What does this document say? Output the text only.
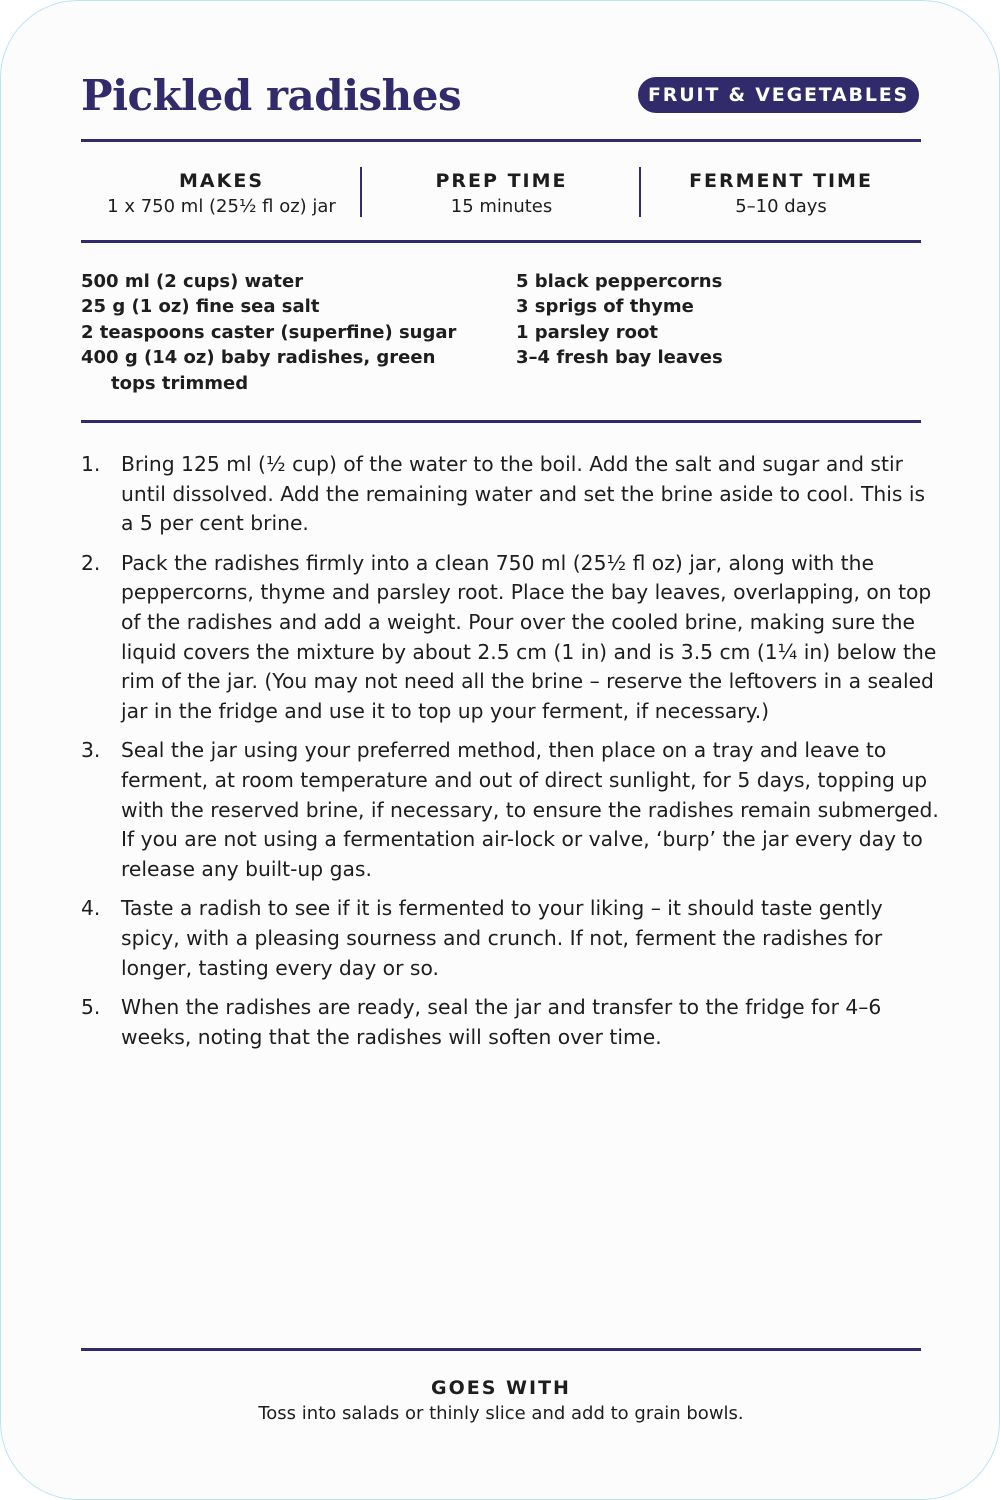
Pickled radishes	FRUIT & VEGETABLES
MAKES
1 x 750 ml (25½ fl oz) jar
PREP TIME
15 minutes
FERMENT TIME
5–10 days
500 ml (2 cups) water
25 g (1 oz) fine sea salt
2 teaspoons caster (superfine) sugar
400 g (14 oz) baby radishes, green tops trimmed
5 black peppercorns
3 sprigs of thyme
1 parsley root
3–4 fresh bay leaves
1. Bring 125 ml (½ cup) of the water to the boil. Add the salt and sugar and stir until dissolved. Add the remaining water and set the brine aside to cool. This is a 5 per cent brine.
2. Pack the radishes firmly into a clean 750 ml (25½ fl oz) jar, along with the peppercorns, thyme and parsley root. Place the bay leaves, overlapping, on top of the radishes and add a weight. Pour over the cooled brine, making sure the liquid covers the mixture by about 2.5 cm (1 in) and is 3.5 cm (1¼ in) below the rim of the jar. (You may not need all the brine – reserve the leftovers in a sealed jar in the fridge and use it to top up your ferment, if necessary.)
3. Seal the jar using your preferred method, then place on a tray and leave to ferment, at room temperature and out of direct sunlight, for 5 days, topping up with the reserved brine, if necessary, to ensure the radishes remain submerged. If you are not using a fermentation air-lock or valve, ‘burp’ the jar every day to release any built-up gas.
4. Taste a radish to see if it is fermented to your liking – it should taste gently spicy, with a pleasing sourness and crunch. If not, ferment the radishes for longer, tasting every day or so.
5. When the radishes are ready, seal the jar and transfer to the fridge for 4–6 weeks, noting that the radishes will soften over time.
GOES WITH
Toss into salads or thinly slice and add to grain bowls.
